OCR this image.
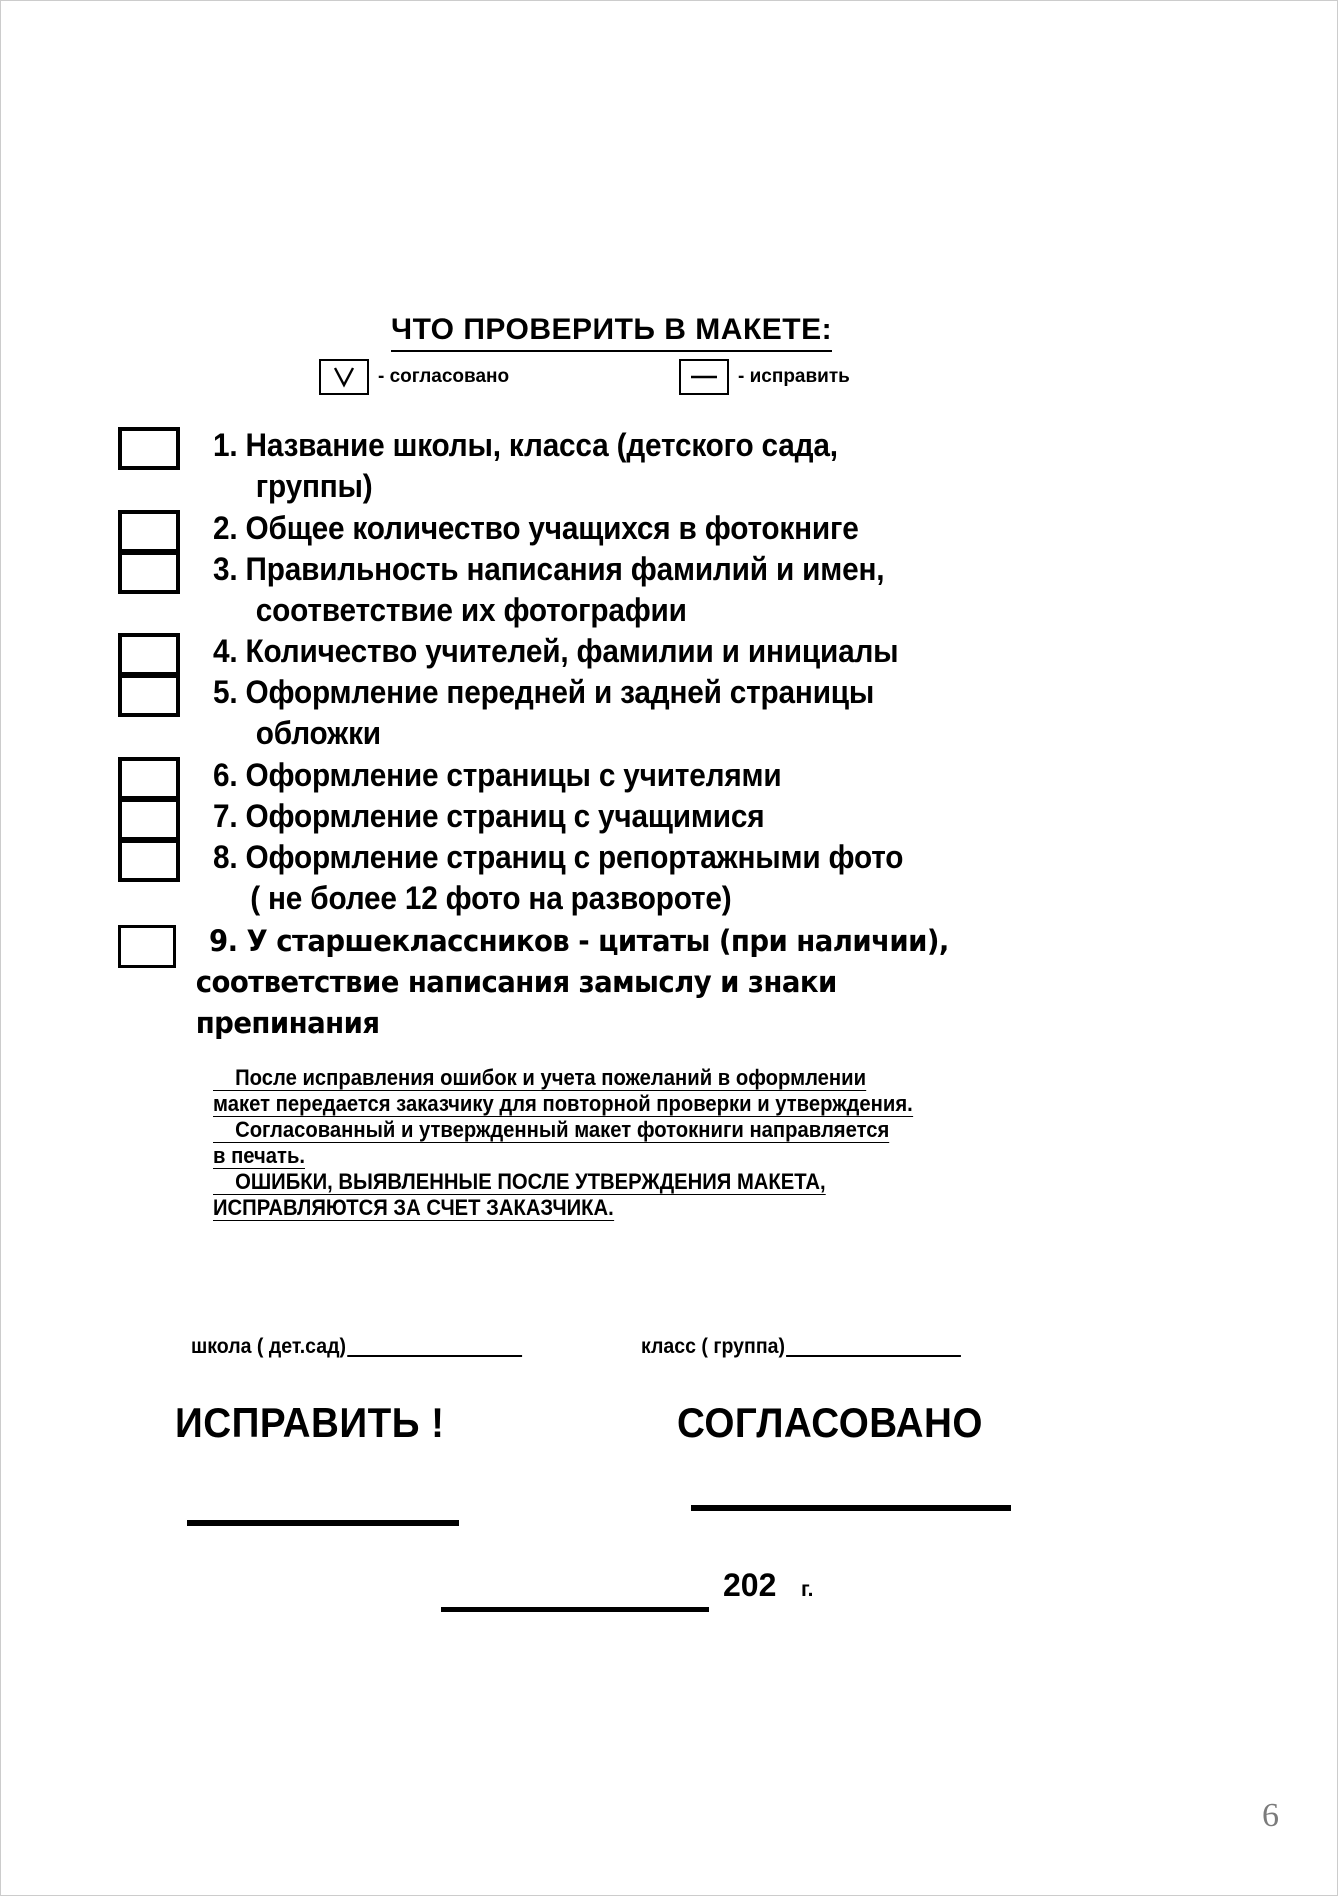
ЧТО ПРОВЕРИТЬ В МАКЕТЕ:
- согласовано	- исправить
1. Название школы, класса (детского сада,
группы)
2. Общее количество учащихся в фотокниге
3. Правильность написания фамилий и имен,
соответствие их фотографии
4. Количество учителей, фамилии и инициалы
5. Оформление передней и задней страницы
обложки
6. Оформление страницы с учителями
7. Оформление страниц с учащимися
8. Оформление страниц с репортажными фото
( не более 12 фото на развороте)
9. У старшеклассников - цитаты (при наличии),
соответствие написания замыслу и знаки
препинания
После исправления ошибок и учета пожеланий в оформлении
макет передается заказчику для повторной проверки и утверждения.
Согласованный и утвержденный макет фотокниги направляется
в печать.
ОШИБКИ, ВЫЯВЛЕННЫЕ ПОСЛЕ УТВЕРЖДЕНИЯ МАКЕТА,
ИСПРАВЛЯЮТСЯ ЗА СЧЕТ ЗАКАЗЧИКА.
школа ( дет.сад)	класс ( группа)
ИСПРАВИТЬ !	СОГЛАСОВАНО
202 г.
6
